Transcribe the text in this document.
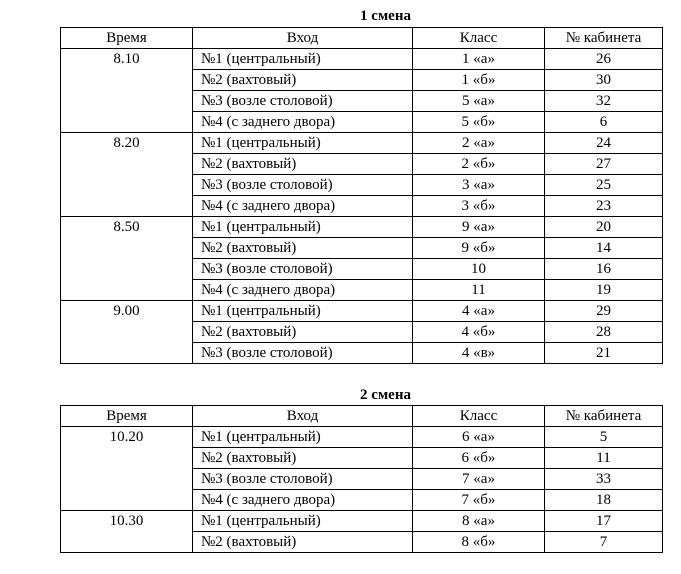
1 смена
Время	Вход	Класс	№ кабинета
8.10	№1 (центральный)	1 «а»	26
	№2 (вахтовый)	1 «б»	30
	№3 (возле столовой)	5 «а»	32
	№4 (с заднего двора)	5 «б»	6
8.20	№1 (центральный)	2 «а»	24
	№2 (вахтовый)	2 «б»	27
	№3 (возле столовой)	3 «а»	25
	№4 (с заднего двора)	3 «б»	23
8.50	№1 (центральный)	9 «а»	20
	№2 (вахтовый)	9 «б»	14
	№3 (возле столовой)	10	16
	№4 (с заднего двора)	11	19
9.00	№1 (центральный)	4 «а»	29
	№2 (вахтовый)	4 «б»	28
	№3 (возле столовой)	4 «в»	21
2 смена
Время	Вход	Класс	№ кабинета
10.20	№1 (центральный)	6 «а»	5
	№2 (вахтовый)	6 «б»	11
	№3 (возле столовой)	7 «а»	33
	№4 (с заднего двора)	7 «б»	18
10.30	№1 (центральный)	8 «а»	17
	№2 (вахтовый)	8 «б»	7
